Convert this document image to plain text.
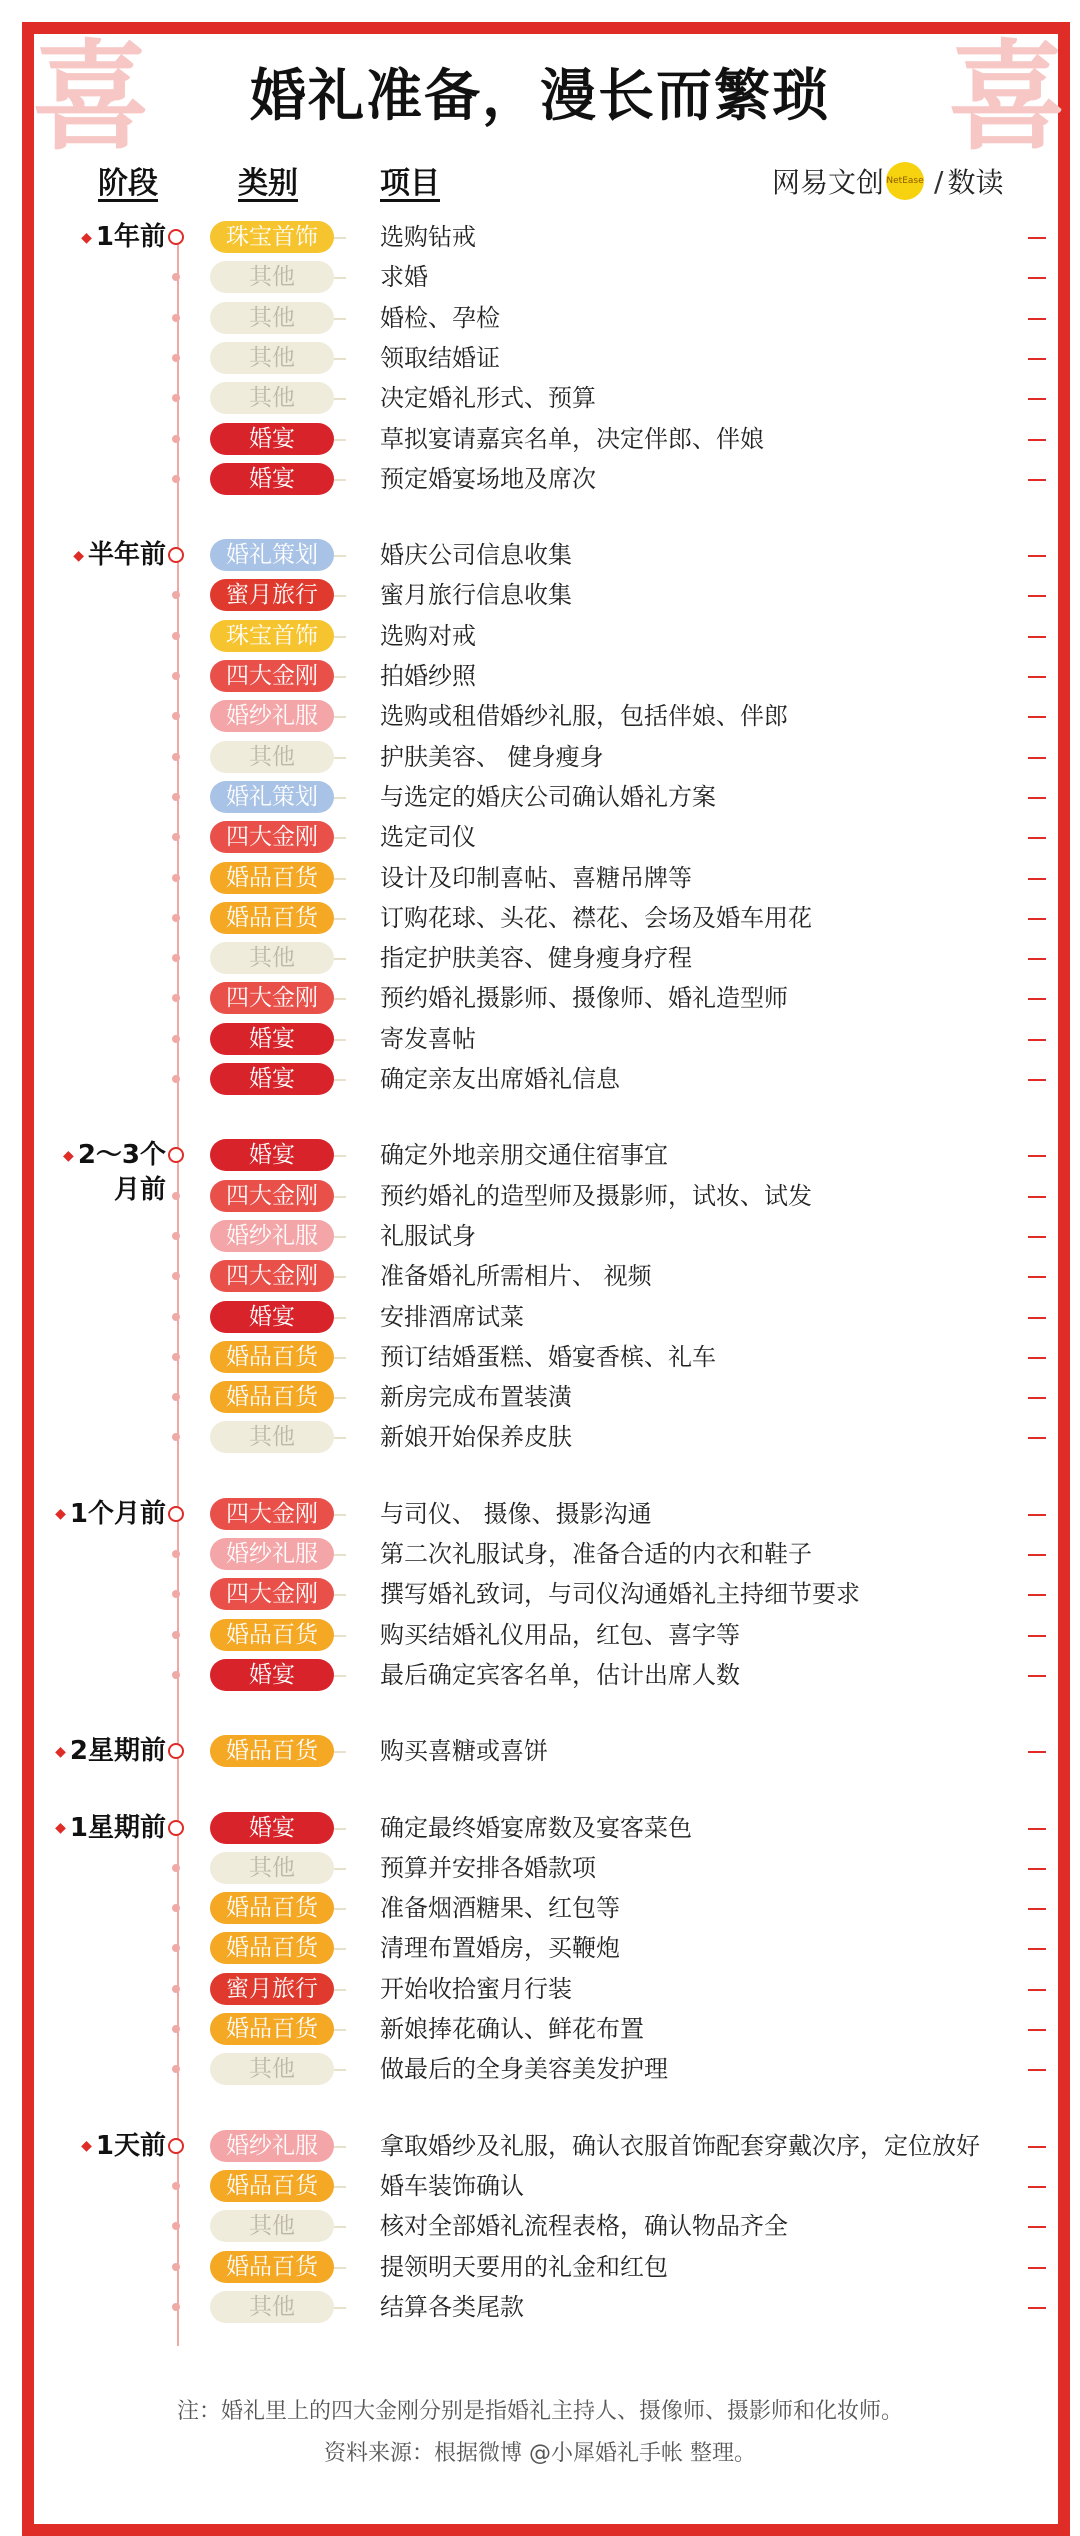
喜	喜
婚礼准备，漫长而繁琐
阶段	类别	项目	网易文创 NetEase / 数读
◆ 1年前	珠宝首饰	选购钻戒
其他	求婚
其他	婚检、孕检
其他	领取结婚证
其他	决定婚礼形式、预算
婚宴	草拟宴请嘉宾名单，决定伴郎、伴娘
婚宴	预定婚宴场地及席次
◆ 半年前	婚礼策划	婚庆公司信息收集
蜜月旅行	蜜月旅行信息收集
珠宝首饰	选购对戒
四大金刚	拍婚纱照
婚纱礼服	选购或租借婚纱礼服，包括伴娘、伴郎
其他	护肤美容、 健身瘦身
婚礼策划	与选定的婚庆公司确认婚礼方案
四大金刚	选定司仪
婚品百货	设计及印制喜帖、喜糖吊牌等
婚品百货	订购花球、头花、襟花、会场及婚车用花
其他	指定护肤美容、健身瘦身疗程
四大金刚	预约婚礼摄影师、摄像师、婚礼造型师
婚宴	寄发喜帖
婚宴	确定亲友出席婚礼信息
◆ 2～3个
月前
婚宴	确定外地亲朋交通住宿事宜
四大金刚	预约婚礼的造型师及摄影师，试妆、试发
婚纱礼服	礼服试身
四大金刚	准备婚礼所需相片、 视频
婚宴	安排酒席试菜
婚品百货	预订结婚蛋糕、婚宴香槟、礼车
婚品百货	新房完成布置装潢
其他	新娘开始保养皮肤
◆ 1个月前	四大金刚	与司仪、 摄像、摄影沟通
婚纱礼服	第二次礼服试身，准备合适的内衣和鞋子
四大金刚	撰写婚礼致词，与司仪沟通婚礼主持细节要求
婚品百货	购买结婚礼仪用品，红包、喜字等
婚宴	最后确定宾客名单，估计出席人数
◆ 2星期前	婚品百货	购买喜糖或喜饼
◆ 1星期前	婚宴	确定最终婚宴席数及宴客菜色
其他	预算并安排各婚款项
婚品百货	准备烟酒糖果、红包等
婚品百货	清理布置婚房，买鞭炮
蜜月旅行	开始收拾蜜月行装
婚品百货	新娘捧花确认、鲜花布置
其他	做最后的全身美容美发护理
◆ 1天前	婚纱礼服	拿取婚纱及礼服，确认衣服首饰配套穿戴次序，定位放好
婚品百货	婚车装饰确认
其他	核对全部婚礼流程表格，确认物品齐全
婚品百货	提领明天要用的礼金和红包
其他	结算各类尾款
注：婚礼里上的四大金刚分别是指婚礼主持人、摄像师、摄影师和化妆师。
资料来源：根据微博 @小犀婚礼手帐 整理。
